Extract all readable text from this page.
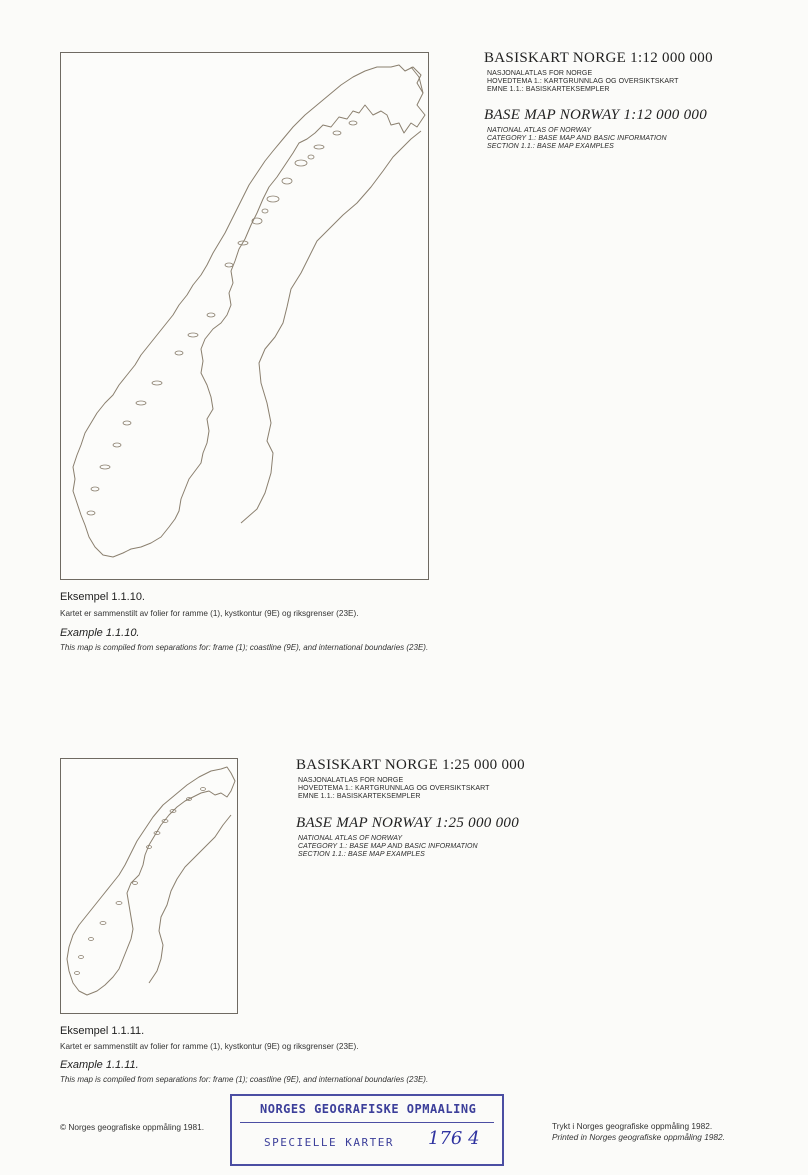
BASISKART NORGE 1:12 000 000
NASJONALATLAS FOR NORGE
HOVEDTEMA 1.: KARTGRUNNLAG OG OVERSIKTSKART
EMNE 1.1.: BASISKARTEKSEMPLER
BASE MAP NORWAY 1:12 000 000
NATIONAL ATLAS OF NORWAY
CATEGORY 1.: BASE MAP AND BASIC INFORMATION
SECTION 1.1.: BASE MAP EXAMPLES
Eksempel 1.1.10.
Kartet er sammenstilt av folier for ramme (1), kystkontur (9E) og riksgrenser (23E).
Example 1.1.10.
This map is compiled from separations for: frame (1); coastline (9E), and international boundaries (23E).
BASISKART NORGE 1:25 000 000
NASJONALATLAS FOR NORGE
HOVEDTEMA 1.: KARTGRUNNLAG OG OVERSIKTSKART
EMNE 1.1.: BASISKARTEKSEMPLER
BASE MAP NORWAY 1:25 000 000
NATIONAL ATLAS OF NORWAY
CATEGORY 1.: BASE MAP AND BASIC INFORMATION
SECTION 1.1.: BASE MAP EXAMPLES
Eksempel 1.1.11.
Kartet er sammenstilt av folier for ramme (1), kystkontur (9E) og riksgrenser (23E).
Example 1.1.11.
This map is compiled from separations for: frame (1); coastline (9E), and international boundaries (23E).
© Norges geografiske oppmåling 1981.	Trykt i Norges geografiske oppmåling 1982.
Printed in Norges geografiske oppmåling 1982.
NORGES GEOGRAFISKE OPMAALING
SPECIELLE KARTER 176 4
